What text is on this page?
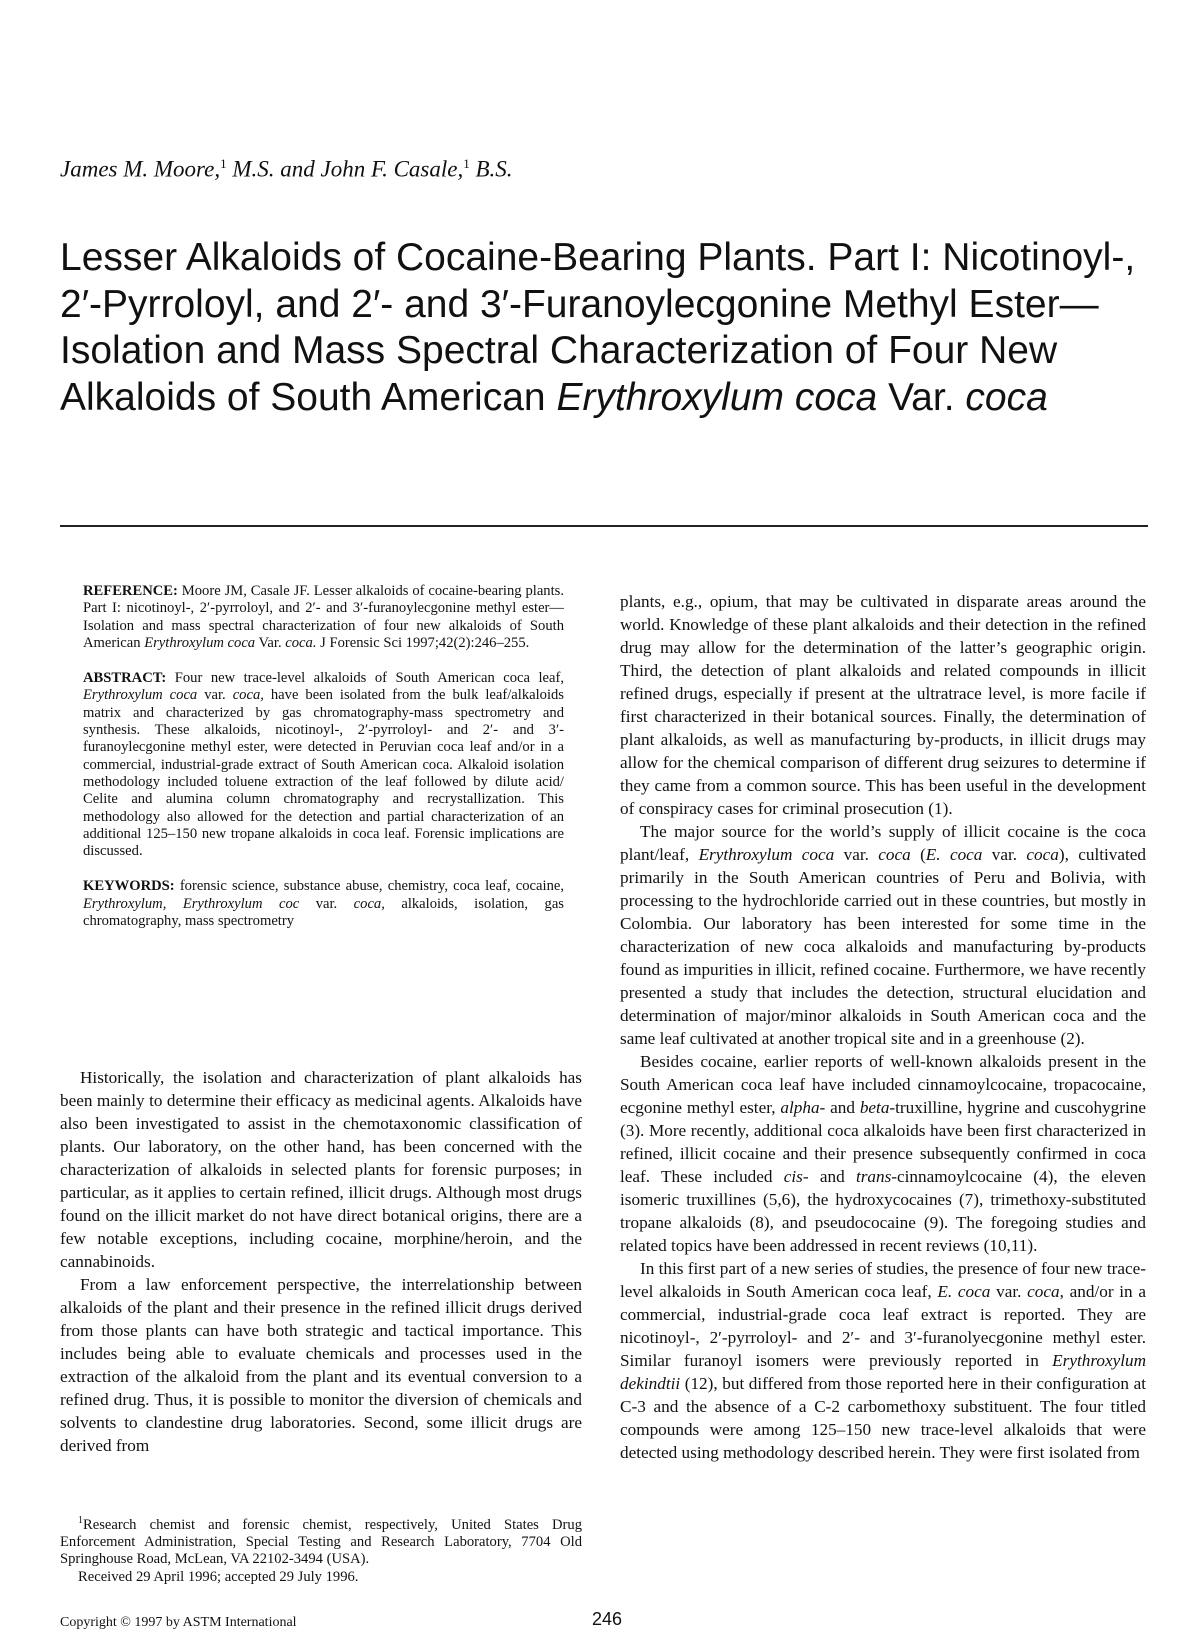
James M. Moore,$^1$ M.S. and John F. Casale,$^1$ B.S.
Lesser Alkaloids of Cocaine-Bearing Plants. Part I: Nicotinoyl-, 2′-Pyrroloyl, and 2′- and 3′-Furanoylecgonine Methyl Ester—Isolation and Mass Spectral Characterization of Four New Alkaloids of South American Erythroxylum coca Var. coca

REFERENCE: Moore JM, Casale JF. Lesser alkaloids of cocaine-bearing plants. Part I: nicotinoyl-, 2′-pyrroloyl, and 2′- and 3′-furanoylecgonine methyl ester—Isolation and mass spectral characterization of four new alkaloids of South American Erythroxylum coca Var. coca. J Forensic Sci 1997;42(2):246–255.

ABSTRACT: Four new trace-level alkaloids of South American coca leaf, Erythroxylum coca var. coca, have been isolated from the bulk leaf/alkaloids matrix and characterized by gas chromatography-mass spectrometry and synthesis. These alkaloids, nicotinoyl-, 2′-pyrroloyl- and 2′- and 3′-furanoylecgonine methyl ester, were detected in Peruvian coca leaf and/or in a commercial, industrial-grade extract of South American coca. Alkaloid isolation methodology included toluene extraction of the leaf followed by dilute acid/ Celite and alumina column chromatography and recrystallization. This methodology also allowed for the detection and partial characterization of an additional 125–150 new tropane alkaloids in coca leaf. Forensic implications are discussed.

KEYWORDS: forensic science, substance abuse, chemistry, coca leaf, cocaine, Erythroxylum, Erythroxylum coc var. coca, alkaloids, isolation, gas chromatography, mass spectrometry

Historically, the isolation and characterization of plant alkaloids has been mainly to determine their efficacy as medicinal agents. Alkaloids have also been investigated to assist in the chemotaxonomic classification of plants. Our laboratory, on the other hand, has been concerned with the characterization of alkaloids in selected plants for forensic purposes; in particular, as it applies to certain refined, illicit drugs. Although most drugs found on the illicit market do not have direct botanical origins, there are a few notable exceptions, including cocaine, morphine/heroin, and the cannabinoids.

From a law enforcement perspective, the interrelationship between alkaloids of the plant and their presence in the refined illicit drugs derived from those plants can have both strategic and tactical importance. This includes being able to evaluate chemicals and processes used in the extraction of the alkaloid from the plant and its eventual conversion to a refined drug. Thus, it is possible to monitor the diversion of chemicals and solvents to clandestine drug laboratories. Second, some illicit drugs are derived from

$^1$Research chemist and forensic chemist, respectively, United States Drug Enforcement Administration, Special Testing and Research Laboratory, 7704 Old Springhouse Road, McLean, VA 22102-3494 (USA).

Received 29 April 1996; accepted 29 July 1996.

plants, e.g., opium, that may be cultivated in disparate areas around the world. Knowledge of these plant alkaloids and their detection in the refined drug may allow for the determination of the latter’s geographic origin. Third, the detection of plant alkaloids and related compounds in illicit refined drugs, especially if present at the ultratrace level, is more facile if first characterized in their botanical sources. Finally, the determination of plant alkaloids, as well as manufacturing by-products, in illicit drugs may allow for the chemical comparison of different drug seizures to determine if they came from a common source. This has been useful in the development of conspiracy cases for criminal prosecution (1).

The major source for the world’s supply of illicit cocaine is the coca plant/leaf, Erythroxylum coca var. coca (E. coca var. coca), cultivated primarily in the South American countries of Peru and Bolivia, with processing to the hydrochloride carried out in these countries, but mostly in Colombia. Our laboratory has been interested for some time in the characterization of new coca alkaloids and manufacturing by-products found as impurities in illicit, refined cocaine. Furthermore, we have recently presented a study that includes the detection, structural elucidation and determination of major/minor alkaloids in South American coca and the same leaf cultivated at another tropical site and in a greenhouse (2).

Besides cocaine, earlier reports of well-known alkaloids present in the South American coca leaf have included cinnamoylcocaine, tropacocaine, ecgonine methyl ester, alpha- and beta-truxilline, hygrine and cuscohygrine (3). More recently, additional coca alkaloids have been first characterized in refined, illicit cocaine and their presence subsequently confirmed in coca leaf. These included cis- and trans-cinnamoylcocaine (4), the eleven isomeric truxillines (5,6), the hydroxycocaines (7), trimethoxy-substituted tropane alkaloids (8), and pseudococaine (9). The foregoing studies and related topics have been addressed in recent reviews (10,11).

In this first part of a new series of studies, the presence of four new trace-level alkaloids in South American coca leaf, E. coca var. coca, and/or in a commercial, industrial-grade coca leaf extract is reported. They are nicotinoyl-, 2′-pyrroloyl- and 2′- and 3′-furanolyecgonine methyl ester. Similar furanoyl isomers were previously reported in Erythroxylum dekindtii (12), but differed from those reported here in their configuration at C-3 and the absence of a C-2 carbomethoxy substituent. The four titled compounds were among 125–150 new trace-level alkaloids that were detected using methodology described herein. They were first isolated from

Copyright © 1997 by ASTM International	246
